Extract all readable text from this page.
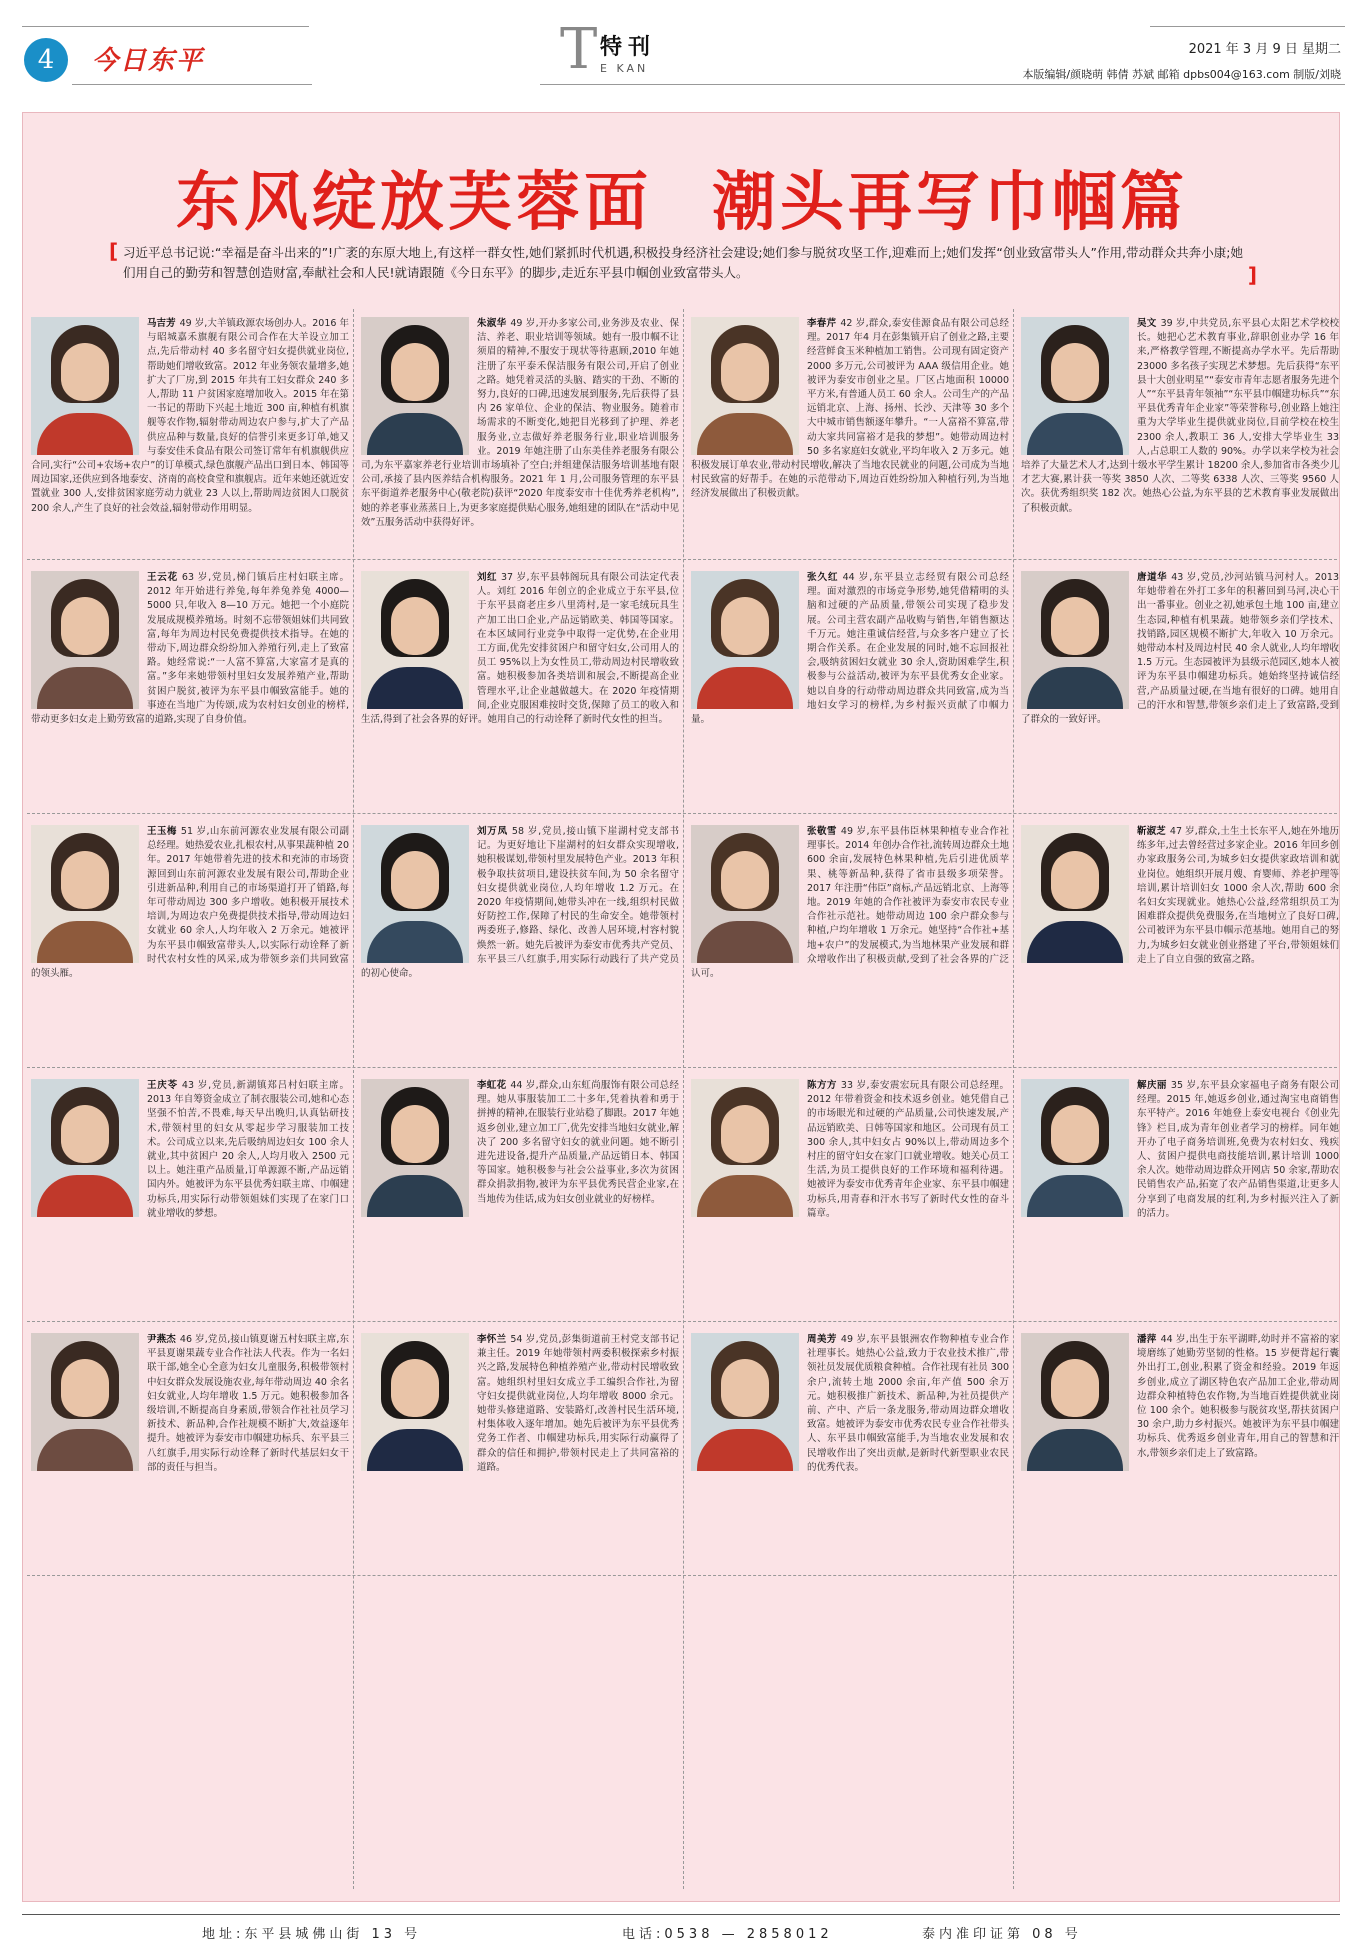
4	今日东平	T 特刊
E KAN
2021 年 3 月 9 日 星期二
本版编辑/颜晓萌 韩倩 苏斌 邮箱 dpbs004@163.com 制版/刘晓
东风绽放芙蓉面 潮头再写巾帼篇
[ 习近平总书记说:“幸福是奋斗出来的”!广袤的东原大地上,有这样一群女性,她们紧抓时代机遇,积极投身经济社会建设;她们参与脱贫攻坚工作,迎难而上;她们发挥“创业致富带头人”作用,带动群众共奔小康;她们用自己的勤劳和智慧创造财富,奉献社会和人民!就请跟随《今日东平》的脚步,走近东平县巾帼创业致富带头人。 ]
马吉芳 49 岁,大羊镇政源农场创办人。2016 年与昭城嘉禾旗舰有限公司合作在大羊设立加工点,先后带动村 40 多名留守妇女提供就业岗位,帮助她们增收致富。2012 年业务领农量增多,她扩大了厂房,到 2015 年共有工妇女群众 240 多人,帮助 11 户贫困家庭增加收入。2015 年在第一书记的帮助下兴起土地近 300 亩,种植有机旗舰等农作物,辐射带动周边农户参与,扩大了产品供应品种与数量,良好的信誉引来更多订单,她又与泰安佳禾食品有限公司签订常年有机旗舰供应合同,实行“公司+农场+农户”的订单模式,绿色旗舰产品出口到日本、韩国等周边国家,还供应到各地泰安、济南的高校食堂和旗舰店。近年来她还就近安置就业 300 人,安排贫困家庭劳动力就业 23 人以上,帮助周边贫困人口脱贫 200 余人,产生了良好的社会效益,辐射带动作用明显。
朱淑华 49 岁,开办多家公司,业务涉及农业、保洁、养老、职业培训等领域。她有一股巾帼不让须眉的精神,不服安于现状等待惠顾,2010 年她注册了东平泰禾保洁服务有限公司,开启了创业之路。她凭着灵活的头脑、踏实的干劲、不断的努力,良好的口碑,迅速发展到服务,先后获得了县内 26 家单位、企业的保洁、物业服务。随着市场需求的不断变化,她把目光移到了护理、养老服务业,立志做好养老服务行业,职业培训服务业。2019 年她注册了山东美佳养老服务有限公司,为东平嘉家养老行业培训市场填补了空白;并组建保洁服务培训基地有限公司,承接了县内医养结合机构服务。2021 年 1 月,公司服务管理的东平县东平街道养老服务中心(敬老院)获评“2020 年度泰安市十佳优秀养老机构”,她的养老事业蒸蒸日上,为更多家庭提供贴心服务,她组建的团队在“活动中见效”五服务活动中获得好评。
李春芹 42 岁,群众,泰安佳源食品有限公司总经理。2017 年4 月在彭集镇开启了创业之路,主要经营鲜食玉米种植加工销售。公司现有固定资产 2000 多万元,公司被评为 AAA 级信用企业。她被评为泰安市创业之星。厂区占地面积 10000 平方米,有普通人员工 60 余人。公司生产的产品远销北京、上海、扬州、长沙、天津等 30 多个大中城市销售额逐年攀升。“一人富裕不算富,带动大家共同富裕才是我的梦想”。她带动周边村 50 多名家庭妇女就业,平均年收入 2 万多元。她积极发展订单农业,带动村民增收,解决了当地农民就业的问题,公司成为当地村民致富的好帮手。在她的示范带动下,周边百姓纷纷加入种植行列,为当地经济发展做出了积极贡献。
吴文 39 岁,中共党员,东平县心太阳艺术学校校长。她把心艺术教育事业,辞职创业办学 16 年来,严格教学管理,不断提高办学水平。先后帮助 23000 多名孩子实现艺术梦想。先后获得“东平县十大创业明星”“泰安市青年志愿者服务先进个人”“东平县青年领袖”“东平县巾帼建功标兵”“东平县优秀青年企业家”等荣誉称号,创业路上她注重为大学毕业生提供就业岗位,目前学校在校生 2300 余人,教职工 36 人,安排大学毕业生 33 人,占总职工人数的 90%。办学以来学校为社会培养了大量艺术人才,达到十级水平学生累计 18200 余人,参加省市各类少儿才艺大赛,累计获一等奖 3850 人次、二等奖 6338 人次、三等奖 9560 人次。获优秀组织奖 182 次。她热心公益,为东平县的艺术教育事业发展做出了积极贡献。
王云花 63 岁,党员,梯门镇后庄村妇联主席。2012 年开始进行养兔,每年养兔养兔 4000—5000 只,年收入 8—10 万元。她把一个小庭院发展成规模养殖场。时刻不忘带领姐妹们共同致富,每年为周边村民免费提供技术指导。在她的带动下,周边群众纷纷加入养殖行列,走上了致富路。她经常说:“一人富不算富,大家富才是真的富。”多年来她带领村里妇女发展养殖产业,帮助贫困户脱贫,被评为东平县巾帼致富能手。她的事迹在当地广为传颂,成为农村妇女创业的榜样,带动更多妇女走上勤劳致富的道路,实现了自身价值。
刘红 37 岁,东平县韩阁玩具有限公司法定代表人。刘红 2016 年创立的企业成立于东平县,位于东平县商老庄乡八里湾村,是一家毛绒玩具生产加工出口企业,产品远销欧美、韩国等国家。在本区域同行业竞争中取得一定优势,在企业用工方面,优先安排贫困户和留守妇女,公司用人的员工 95%以上为女性员工,带动周边村民增收致富。她积极参加各类培训和展会,不断提高企业管理水平,让企业越做越大。在 2020 年疫情期间,企业克服困难按时交货,保障了员工的收入和生活,得到了社会各界的好评。她用自己的行动诠释了新时代女性的担当。
张久红 44 岁,东平县立志经贸有限公司总经理。面对激烈的市场竞争形势,她凭借精明的头脑和过硬的产品质量,带领公司实现了稳步发展。公司主营农副产品收购与销售,年销售额达千万元。她注重诚信经营,与众多客户建立了长期合作关系。在企业发展的同时,她不忘回报社会,吸纳贫困妇女就业 30 余人,资助困难学生,积极参与公益活动,被评为东平县优秀女企业家。她以自身的行动带动周边群众共同致富,成为当地妇女学习的榜样,为乡村振兴贡献了巾帼力量。
唐道华 43 岁,党员,沙河站镇马河村人。2013 年她带着在外打工多年的积蓄回到马河,决心干出一番事业。创业之初,她承包土地 100 亩,建立生态园,种植有机果蔬。她带领乡亲们学技术、找销路,园区规模不断扩大,年收入 10 万余元。她带动本村及周边村民 40 余人就业,人均年增收 1.5 万元。生态园被评为县级示范园区,她本人被评为东平县巾帼建功标兵。她始终坚持诚信经营,产品质量过硬,在当地有很好的口碑。她用自己的汗水和智慧,带领乡亲们走上了致富路,受到了群众的一致好评。
王玉梅 51 岁,山东前河源农业发展有限公司副总经理。她热爱农业,扎根农村,从事果蔬种植 20 年。2017 年她带着先进的技术和充沛的市场资源回到山东前河源农业发展有限公司,帮助企业引进新品种,利用自己的市场渠道打开了销路,每年可带动周边 300 多户增收。她积极开展技术培训,为周边农户免费提供技术指导,带动周边妇女就业 60 余人,人均年收入 2 万余元。她被评为东平县巾帼致富带头人,以实际行动诠释了新时代农村女性的风采,成为带领乡亲们共同致富的领头雁。
刘万凤 58 岁,党员,接山镇下崖湖村党支部书记。为更好地让下崖湖村的妇女群众实现增收,她积极谋划,带领村里发展特色产业。2013 年积极争取扶贫项目,建设扶贫车间,为 50 余名留守妇女提供就业岗位,人均年增收 1.2 万元。在 2020 年疫情期间,她带头冲在一线,组织村民做好防控工作,保障了村民的生命安全。她带领村两委班子,修路、绿化、改善人居环境,村容村貌焕然一新。她先后被评为泰安市优秀共产党员、东平县三八红旗手,用实际行动践行了共产党员的初心使命。
张敬雪 49 岁,东平县伟臣林果种植专业合作社理事长。2014 年创办合作社,流转周边群众土地 600 余亩,发展特色林果种植,先后引进优质苹果、桃等新品种,获得了省市县级多项荣誉。2017 年注册“伟臣”商标,产品远销北京、上海等地。2019 年她的合作社被评为泰安市农民专业合作社示范社。她带动周边 100 余户群众参与种植,户均年增收 1 万余元。她坚持“合作社+基地+农户”的发展模式,为当地林果产业发展和群众增收作出了积极贡献,受到了社会各界的广泛认可。
靳淑芝 47 岁,群众,土生土长东平人,她在外地历练多年,过去曾经营过多家企业。2016 年回乡创办家政服务公司,为城乡妇女提供家政培训和就业岗位。她组织开展月嫂、育婴师、养老护理等培训,累计培训妇女 1000 余人次,帮助 600 余名妇女实现就业。她热心公益,经常组织员工为困难群众提供免费服务,在当地树立了良好口碑,公司被评为东平县巾帼示范基地。她用自己的努力,为城乡妇女就业创业搭建了平台,带领姐妹们走上了自立自强的致富之路。
王庆苓 43 岁,党员,新湖镇郑吕村妇联主席。2013 年自筹资金成立了制衣服装公司,她和心态坚强不怕苦,不畏难,每天早出晚归,认真钻研技术,带领村里的妇女从零起步学习服装加工技术。公司成立以来,先后吸纳周边妇女 100 余人就业,其中贫困户 20 余人,人均月收入 2500 元以上。她注重产品质量,订单源源不断,产品远销国内外。她被评为东平县优秀妇联主席、巾帼建功标兵,用实际行动带领姐妹们实现了在家门口就业增收的梦想。
李虹花 44 岁,群众,山东虹尚服饰有限公司总经理。她从事服装加工二十多年,凭着执着和勇于拼搏的精神,在服装行业站稳了脚跟。2017 年她返乡创业,建立加工厂,优先安排当地妇女就业,解决了 200 多名留守妇女的就业问题。她不断引进先进设备,提升产品质量,产品远销日本、韩国等国家。她积极参与社会公益事业,多次为贫困群众捐款捐物,被评为东平县优秀民营企业家,在当地传为佳话,成为妇女创业就业的好榜样。
陈方方 33 岁,泰安震宏玩具有限公司总经理。2012 年带着资金和技术返乡创业。她凭借自己的市场眼光和过硬的产品质量,公司快速发展,产品远销欧美、日韩等国家和地区。公司现有员工 300 余人,其中妇女占 90%以上,带动周边多个村庄的留守妇女在家门口就业增收。她关心员工生活,为员工提供良好的工作环境和福利待遇。她被评为泰安市优秀青年企业家、东平县巾帼建功标兵,用青春和汗水书写了新时代女性的奋斗篇章。
解庆丽 35 岁,东平县众家福电子商务有限公司经理。2015 年,她返乡创业,通过淘宝电商销售东平特产。2016 年她登上泰安电视台《创业先锋》栏目,成为青年创业者学习的榜样。同年她开办了电子商务培训班,免费为农村妇女、残疾人、贫困户提供电商技能培训,累计培训 1000 余人次。她带动周边群众开网店 50 余家,帮助农民销售农产品,拓宽了农产品销售渠道,让更多人分享到了电商发展的红利,为乡村振兴注入了新的活力。
尹燕杰 46 岁,党员,接山镇夏谢五村妇联主席,东平县夏谢果蔬专业合作社法人代表。作为一名妇联干部,她全心全意为妇女儿童服务,积极带领村中妇女群众发展设施农业,每年带动周边 40 余名妇女就业,人均年增收 1.5 万元。她积极参加各级培训,不断提高自身素质,带领合作社社员学习新技术、新品种,合作社规模不断扩大,效益逐年提升。她被评为泰安市巾帼建功标兵、东平县三八红旗手,用实际行动诠释了新时代基层妇女干部的责任与担当。
李怀兰 54 岁,党员,彭集街道前王村党支部书记兼主任。2019 年她带领村两委积极探索乡村振兴之路,发展特色种植养殖产业,带动村民增收致富。她组织村里妇女成立手工编织合作社,为留守妇女提供就业岗位,人均年增收 8000 余元。她带头修建道路、安装路灯,改善村民生活环境,村集体收入逐年增加。她先后被评为东平县优秀党务工作者、巾帼建功标兵,用实际行动赢得了群众的信任和拥护,带领村民走上了共同富裕的道路。
周美芳 49 岁,东平县银洲农作物种植专业合作社理事长。她热心公益,致力于农业技术推广,带领社员发展优质粮食种植。合作社现有社员 300 余户,流转土地 2000 余亩,年产值 500 余万元。她积极推广新技术、新品种,为社员提供产前、产中、产后一条龙服务,带动周边群众增收致富。她被评为泰安市优秀农民专业合作社带头人、东平县巾帼致富能手,为当地农业发展和农民增收作出了突出贡献,是新时代新型职业农民的优秀代表。
潘萍 44 岁,出生于东平湖畔,幼时并不富裕的家境磨练了她勤劳坚韧的性格。15 岁便背起行囊外出打工,创业,积累了资金和经验。2019 年返乡创业,成立了湖区特色农产品加工企业,带动周边群众种植特色农作物,为当地百姓提供就业岗位 100 余个。她积极参与脱贫攻坚,帮扶贫困户 30 余户,助力乡村振兴。她被评为东平县巾帼建功标兵、优秀返乡创业青年,用自己的智慧和汗水,带领乡亲们走上了致富路。
地址:东平县城佛山街 13 号	电话:0538 — 2858012	泰内准印证第 08 号
